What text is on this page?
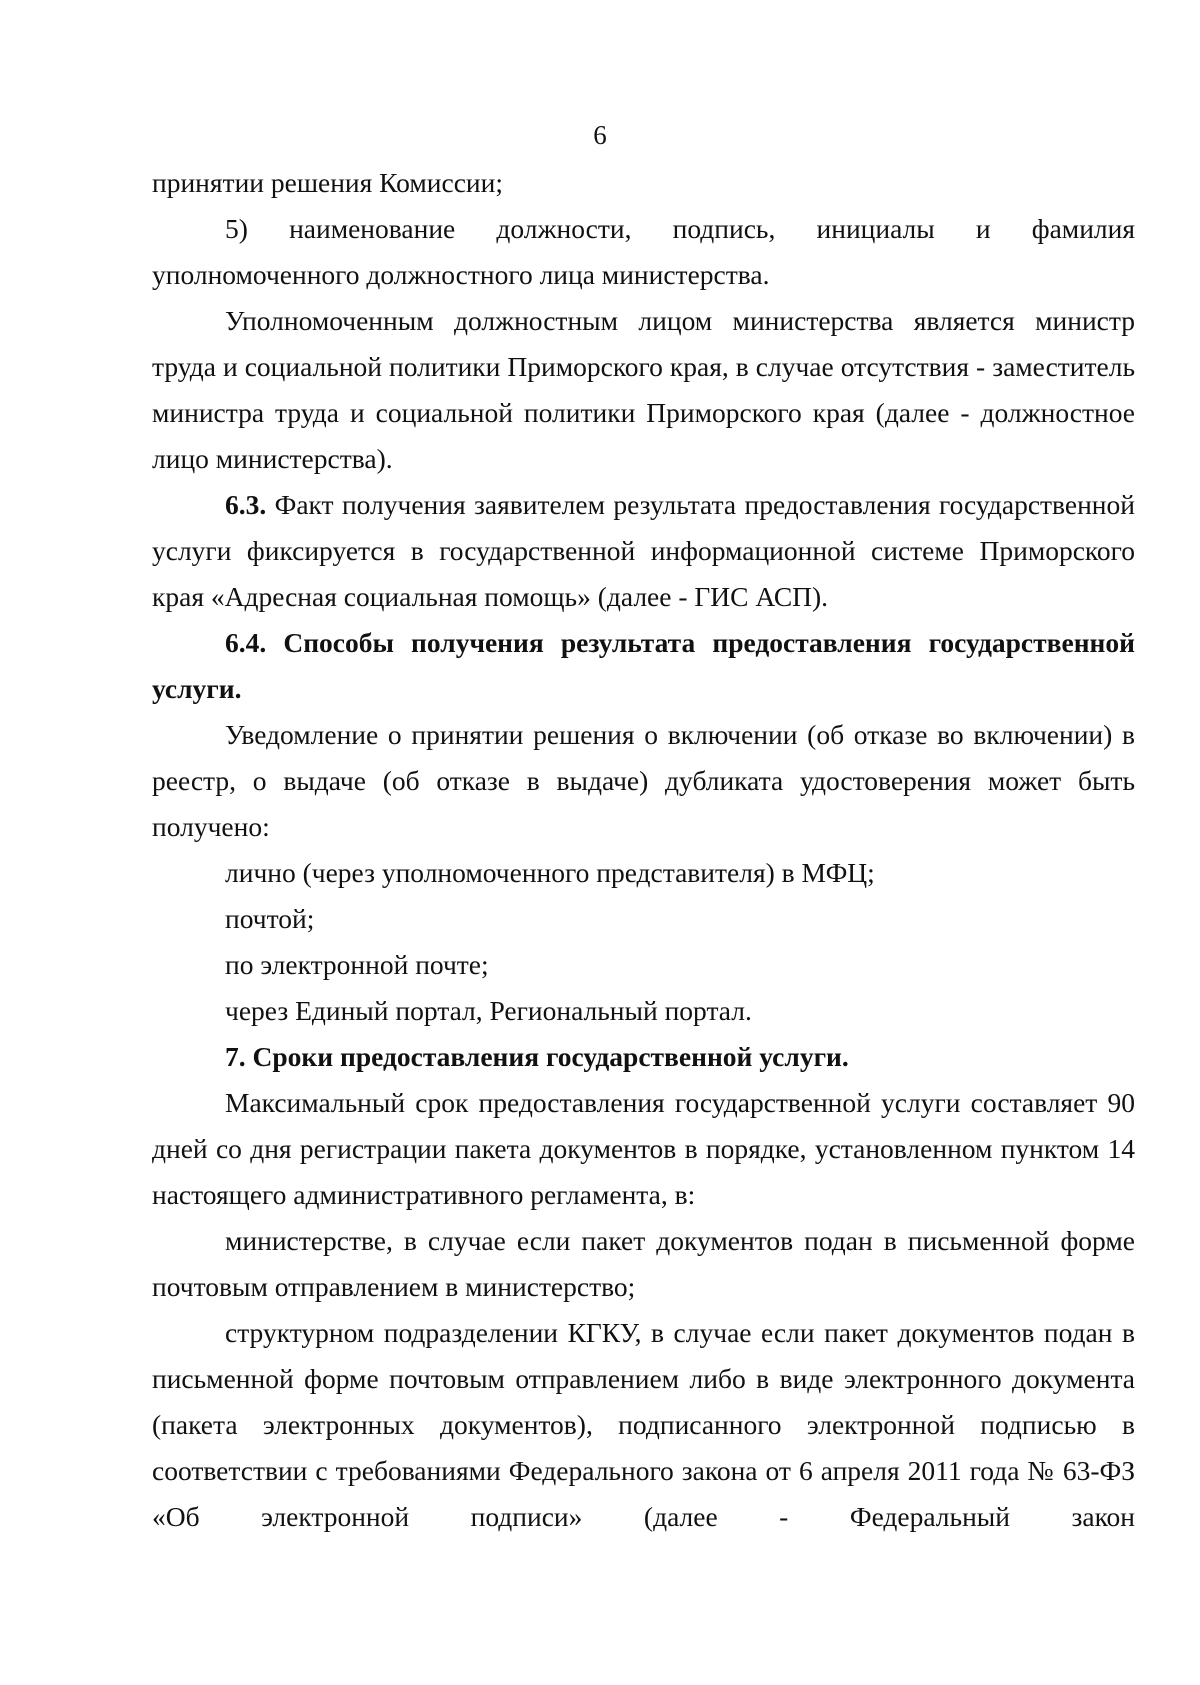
6

принятии решения Комиссии;

5) наименование должности, подпись, инициалы и фамилия уполномоченного должностного лица министерства.

Уполномоченным должностным лицом министерства является министр труда и социальной политики Приморского края, в случае отсутствия - заместитель министра труда и социальной политики Приморского края (далее - должностное лицо министерства).

6.3. Факт получения заявителем результата предоставления государственной услуги фиксируется в государственной информационной системе Приморского края «Адресная социальная помощь» (далее - ГИС АСП).

6.4. Способы получения результата предоставления государственной услуги.

Уведомление о принятии решения о включении (об отказе во включении) в реестр, о выдаче (об отказе в выдаче) дубликата удостоверения может быть получено:

лично (через уполномоченного представителя) в МФЦ;

почтой;

по электронной почте;

через Единый портал, Региональный портал.

7. Сроки предоставления государственной услуги.

Максимальный срок предоставления государственной услуги составляет 90 дней со дня регистрации пакета документов в порядке, установленном пунктом 14 настоящего административного регламента, в:

министерстве, в случае если пакет документов подан в письменной форме почтовым отправлением в министерство;

структурном подразделении КГКУ, в случае если пакет документов подан в письменной форме почтовым отправлением либо в виде электронного документа (пакета электронных документов), подписанного электронной подписью в соответствии с требованиями Федерального закона от 6 апреля 2011 года № 63-ФЗ «Об электронной подписи» (далее - Федеральный закон
